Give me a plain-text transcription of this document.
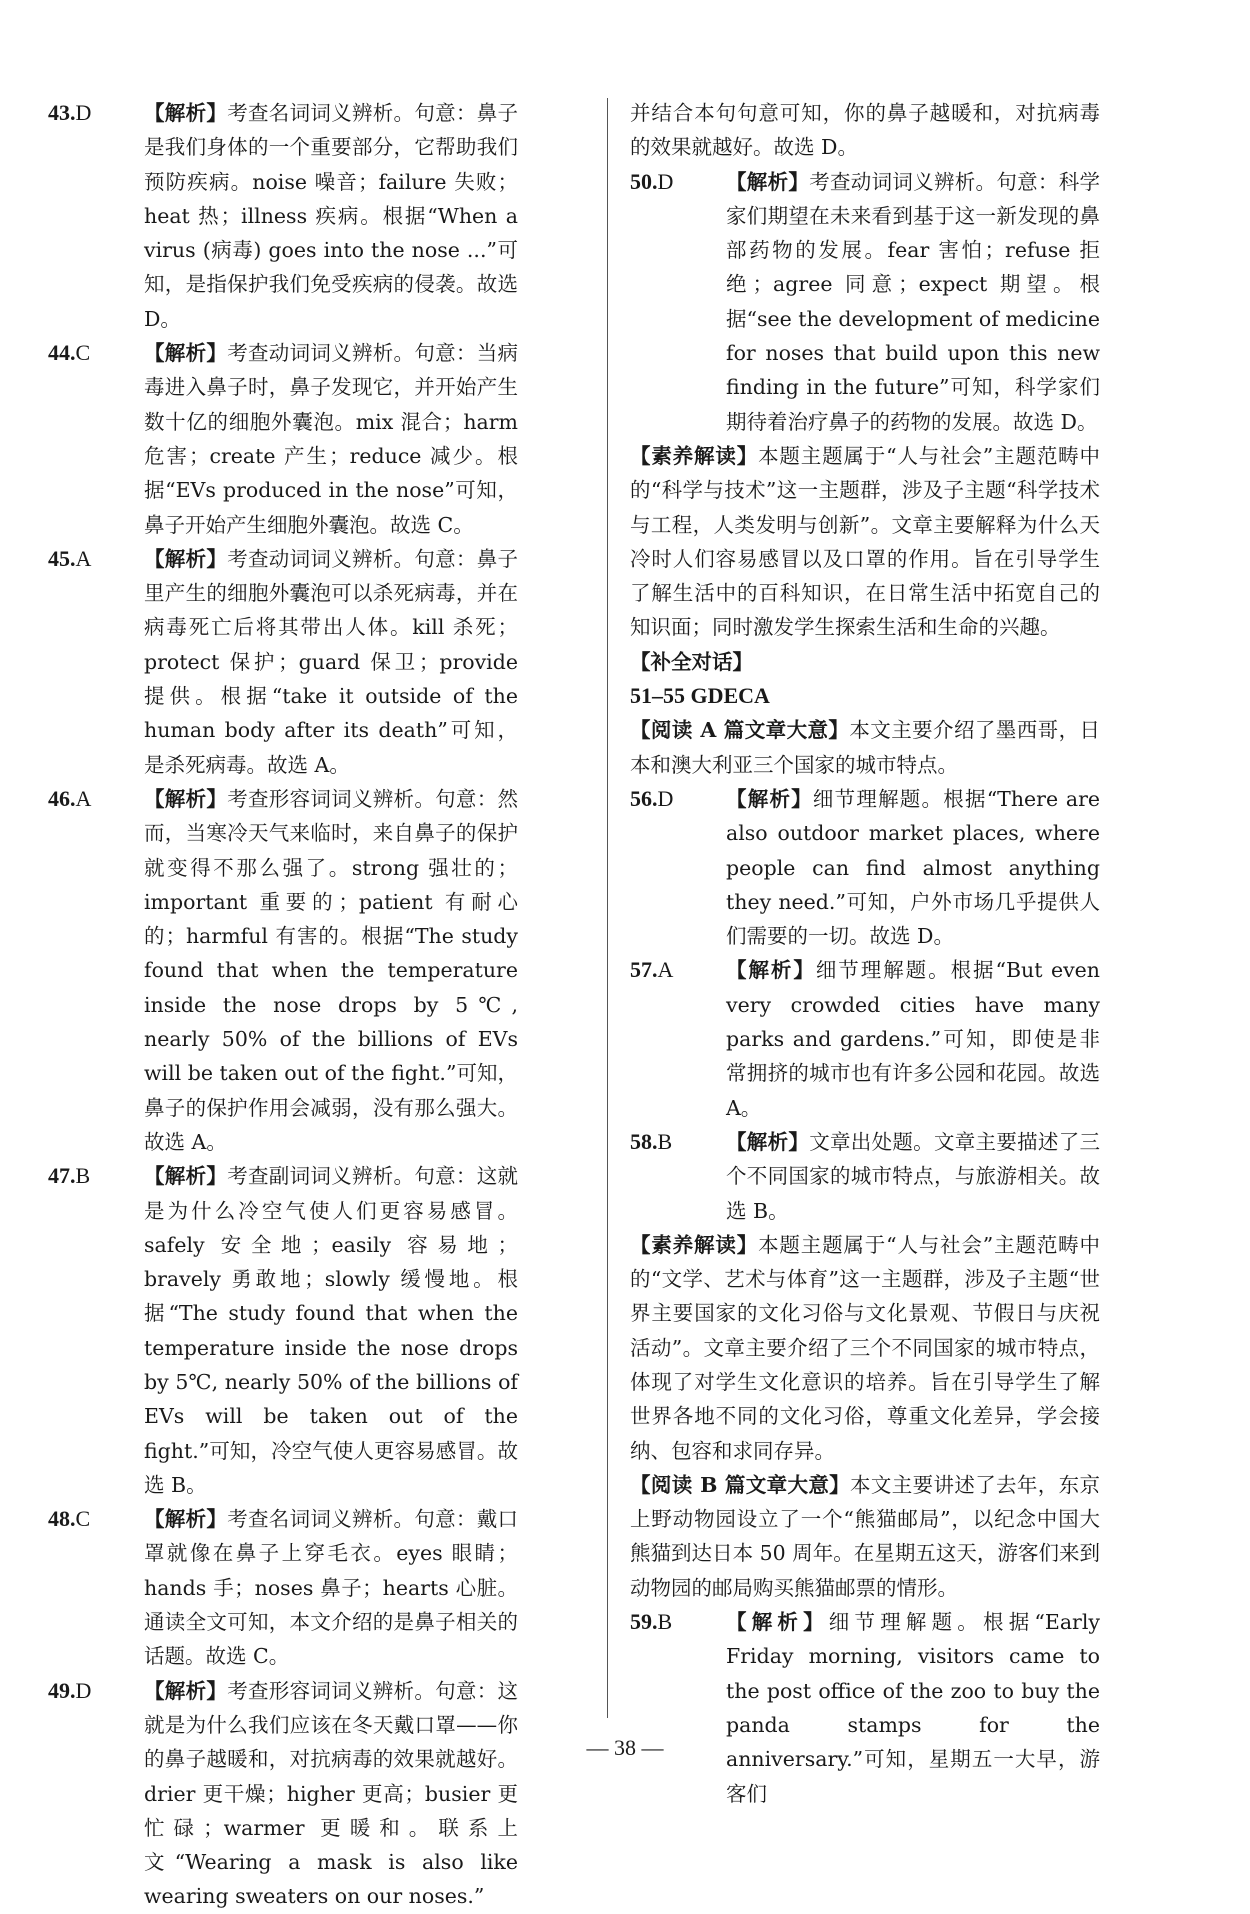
43.D	【解析】考查名词词义辨析。句意：鼻子是我们身体的一个重要部分，它帮助我们预防疾病。noise 噪音；failure 失败；heat 热；illness 疾病。根据“When a virus (病毒) goes into the nose ...”可知，是指保护我们免受疾病的侵袭。故选 D。
44.C	【解析】考查动词词义辨析。句意：当病毒进入鼻子时，鼻子发现它，并开始产生数十亿的细胞外囊泡。mix 混合；harm 危害；create 产生；reduce 减少。根据“EVs produced in the nose”可知，鼻子开始产生细胞外囊泡。故选 C。
45.A	【解析】考查动词词义辨析。句意：鼻子里产生的细胞外囊泡可以杀死病毒，并在病毒死亡后将其带出人体。kill 杀死；protect 保护；guard 保卫；provide 提供。根据“take it outside of the human body after its death”可知，是杀死病毒。故选 A。
46.A	【解析】考查形容词词义辨析。句意：然而，当寒冷天气来临时，来自鼻子的保护就变得不那么强了。strong 强壮的；important 重要的；patient 有耐心的；harmful 有害的。根据“The study found that when the temperature inside the nose drops by 5℃, nearly 50% of the billions of EVs will be taken out of the fight.”可知，鼻子的保护作用会减弱，没有那么强大。故选 A。
47.B	【解析】考查副词词义辨析。句意：这就是为什么冷空气使人们更容易感冒。safely 安全地；easily 容易地；bravely 勇敢地；slowly 缓慢地。根据“The study found that when the temperature inside the nose drops by 5℃, nearly 50% of the billions of EVs will be taken out of the fight.”可知，冷空气使人更容易感冒。故选 B。
48.C	【解析】考查名词词义辨析。句意：戴口罩就像在鼻子上穿毛衣。eyes 眼睛；hands 手；noses 鼻子；hearts 心脏。通读全文可知，本文介绍的是鼻子相关的话题。故选 C。
49.D	【解析】考查形容词词义辨析。句意：这就是为什么我们应该在冬天戴口罩——你的鼻子越暖和，对抗病毒的效果就越好。drier 更干燥；higher 更高；busier 更忙碌；warmer 更暖和。联系上文“Wearing a mask is also like wearing sweaters on our noses.”
并结合本句句意可知，你的鼻子越暖和，对抗病毒的效果就越好。故选 D。
50.D	【解析】考查动词词义辨析。句意：科学家们期望在未来看到基于这一新发现的鼻部药物的发展。fear 害怕；refuse 拒绝；agree 同意；expect 期望。根据“see the development of medicine for noses that build upon this new finding in the future”可知，科学家们期待着治疗鼻子的药物的发展。故选 D。
【素养解读】本题主题属于“人与社会”主题范畴中的“科学与技术”这一主题群，涉及子主题“科学技术与工程，人类发明与创新”。文章主要解释为什么天冷时人们容易感冒以及口罩的作用。旨在引导学生了解生活中的百科知识，在日常生活中拓宽自己的知识面；同时激发学生探索生活和生命的兴趣。
【补全对话】
51–55 GDECA
【阅读 A 篇文章大意】本文主要介绍了墨西哥，日本和澳大利亚三个国家的城市特点。
56.D	【解析】细节理解题。根据“There are also outdoor market places, where people can find almost anything they need.”可知，户外市场几乎提供人们需要的一切。故选 D。
57.A	【解析】细节理解题。根据“But even very crowded cities have many parks and gardens.”可知，即使是非常拥挤的城市也有许多公园和花园。故选 A。
58.B	【解析】文章出处题。文章主要描述了三个不同国家的城市特点，与旅游相关。故选 B。
【素养解读】本题主题属于“人与社会”主题范畴中的“文学、艺术与体育”这一主题群，涉及子主题“世界主要国家的文化习俗与文化景观、节假日与庆祝活动”。文章主要介绍了三个不同国家的城市特点，体现了对学生文化意识的培养。旨在引导学生了解世界各地不同的文化习俗，尊重文化差异，学会接纳、包容和求同存异。
【阅读 B 篇文章大意】本文主要讲述了去年，东京上野动物园设立了一个“熊猫邮局”，以纪念中国大熊猫到达日本 50 周年。在星期五这天，游客们来到动物园的邮局购买熊猫邮票的情形。
59.B	【解析】细节理解题。根据“Early Friday morning, visitors came to the post office of the zoo to buy the panda stamps for the anniversary.”可知，星期五一大早，游客们
— 38 —
